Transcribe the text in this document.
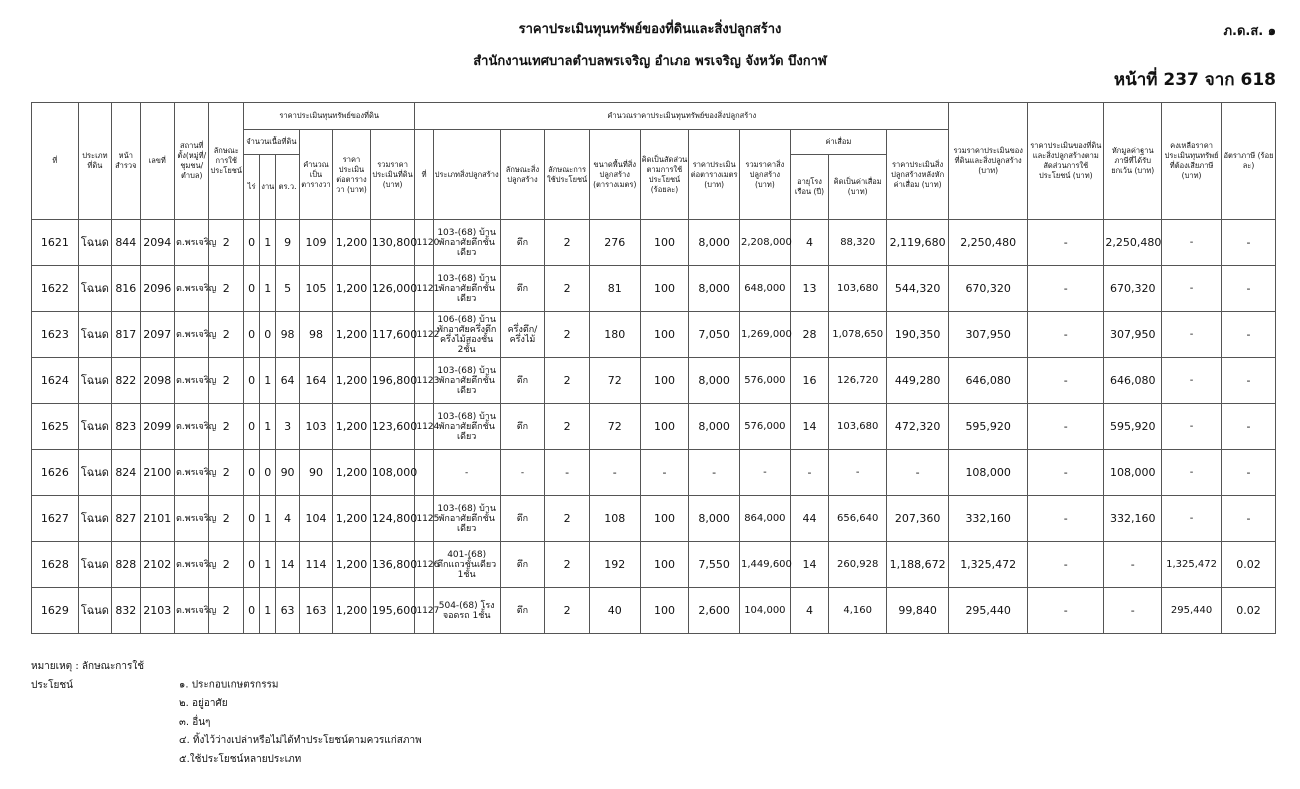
ราคาประเมินทุนทรัพย์ของที่ดินและสิ่งปลูกสร้าง
สำนักงานเทศบาลตำบลพรเจริญ อำเภอ พรเจริญ จังหวัด บึงกาฬ
ภ.ด.ส. ๑
หน้าที่ 237 จาก 618
ที่	ประเภทที่ดิน	หน้าสำรวจ	เลขที่	สถานที่ตั้ง(หมู่ที่/ชุมชน/ตำบล)	ลักษณะการใช้ประโยชน์	ราคาประเมินทุนทรัพย์ของที่ดิน						คำนวณราคาประเมินทุนทรัพย์ของสิ่งปลูกสร้าง											รวมราคาประเมินของที่ดินและสิ่งปลูกสร้าง (บาท)	ราคาประเมินของที่ดินและสิ่งปลูกสร้างตามสัดส่วนการใช้ประโยชน์ (บาท)	หักมูลค่าฐานภาษีที่ได้รับยกเว้น (บาท)	คงเหลือราคาประเมินทุนทรัพย์ที่ต้องเสียภาษี (บาท)	อัตราภาษี (ร้อยละ)
						จำนวนเนื้อที่ดิน			คำนวณเป็นตารางวา	ราคาประเมินต่อตารางวา (บาท)	รวมราคาประเมินที่ดิน (บาท)	ที่	ประเภทสิ่งปลูกสร้าง	ลักษณะสิ่งปลูกสร้าง	ลักษณะการใช้ประโยชน์	ขนาดพื้นที่สิ่งปลูกสร้าง (ตารางเมตร)	คิดเป็นสัดส่วนตามการใช้ประโยชน์ (ร้อยละ)	ราคาประเมินต่อตารางเมตร (บาท)	รวมราคาสิ่งปลูกสร้าง (บาท)	ค่าเสื่อม		ราคาประเมินสิ่งปลูกสร้างหลังหักค่าเสื่อม (บาท)					
						ไร่	งาน	ตร.ว.												อายุโรงเรือน (ปี)	คิดเป็นค่าเสื่อม (บาท)						
1621	โฉนด	844	2094	ต.พรเจริญ	2	0	1	9	109	1,200	130,800	1120	103-(68) บ้านพักอาศัยตึกชั้นเดียว	ตึก	2	276	100	8,000	2,208,000	4	88,320	2,119,680	2,250,480	-	2,250,480	-	-
1622	โฉนด	816	2096	ต.พรเจริญ	2	0	1	5	105	1,200	126,000	1121	103-(68) บ้านพักอาศัยตึกชั้นเดียว	ตึก	2	81	100	8,000	648,000	13	103,680	544,320	670,320	-	670,320	-	-
1623	โฉนด	817	2097	ต.พรเจริญ	2	0	0	98	98	1,200	117,600	1122	106-(68) บ้านพักอาศัยครึ่งตึกครึ่งไม้สองชั้น 2ชั้น	ครึ่งตึก/ครึ่งไม้	2	180	100	7,050	1,269,000	28	1,078,650	190,350	307,950	-	307,950	-	-
1624	โฉนด	822	2098	ต.พรเจริญ	2	0	1	64	164	1,200	196,800	1123	103-(68) บ้านพักอาศัยตึกชั้นเดียว	ตึก	2	72	100	8,000	576,000	16	126,720	449,280	646,080	-	646,080	-	-
1625	โฉนด	823	2099	ต.พรเจริญ	2	0	1	3	103	1,200	123,600	1124	103-(68) บ้านพักอาศัยตึกชั้นเดียว	ตึก	2	72	100	8,000	576,000	14	103,680	472,320	595,920	-	595,920	-	-
1626	โฉนด	824	2100	ต.พรเจริญ	2	0	0	90	90	1,200	108,000		-	-	-	-	-	-	-	-	-	-	108,000	-	108,000	-	-
1627	โฉนด	827	2101	ต.พรเจริญ	2	0	1	4	104	1,200	124,800	1125	103-(68) บ้านพักอาศัยตึกชั้นเดียว	ตึก	2	108	100	8,000	864,000	44	656,640	207,360	332,160	-	332,160	-	-
1628	โฉนด	828	2102	ต.พรเจริญ	2	0	1	14	114	1,200	136,800	1126	401-(68) ตึกแถวชั้นเดียว 1ชั้น	ตึก	2	192	100	7,550	1,449,600	14	260,928	1,188,672	1,325,472	-	-	1,325,472	0.02
1629	โฉนด	832	2103	ต.พรเจริญ	2	0	1	63	163	1,200	195,600	1127	504-(68) โรงจอดรถ 1ชั้น	ตึก	2	40	100	2,600	104,000	4	4,160	99,840	295,440	-	-	295,440	0.02
หมายเหตุ : ลักษณะการใช้ประโยชน์	๑. ประกอบเกษตรกรรม
๒. อยู่อาศัย
๓. อื่นๆ
๔. ทิ้งไว้ว่างเปล่าหรือไม่ได้ทำประโยชน์ตามควรแก่สภาพ
๕.ใช้ประโยชน์หลายประเภท
